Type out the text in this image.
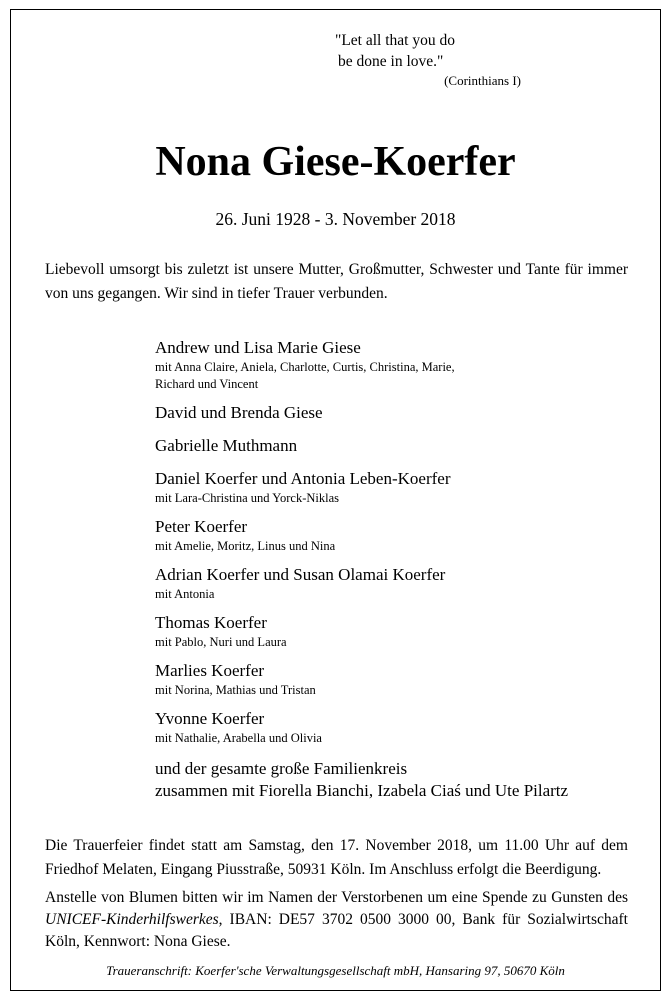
"Let all that you do
be done in love."
(Corinthians I)
Nona Giese-Koerfer
26. Juni 1928 - 3. November 2018
Liebevoll umsorgt bis zuletzt ist unsere Mutter, Großmutter, Schwester und Tante für immer von uns gegangen. Wir sind in tiefer Trauer verbunden.
Andrew und Lisa Marie Giese
mit Anna Claire, Aniela, Charlotte, Curtis, Christina, Marie,
Richard und Vincent
David und Brenda Giese
Gabrielle Muthmann
Daniel Koerfer und Antonia Leben-Koerfer
mit Lara-Christina und Yorck-Niklas
Peter Koerfer
mit Amelie, Moritz, Linus und Nina
Adrian Koerfer und Susan Olamai Koerfer
mit Antonia
Thomas Koerfer
mit Pablo, Nuri und Laura
Marlies Koerfer
mit Norina, Mathias und Tristan
Yvonne Koerfer
mit Nathalie, Arabella und Olivia
und der gesamte große Familienkreis
zusammen mit Fiorella Bianchi, Izabela Ciaś und Ute Pilartz
Die Trauerfeier findet statt am Samstag, den 17. November 2018, um 11.00 Uhr auf dem Friedhof Melaten, Eingang Piusstraße, 50931 Köln. Im Anschluss erfolgt die Beerdigung.
Anstelle von Blumen bitten wir im Namen der Verstorbenen um eine Spende zu Gunsten des UNICEF-Kinderhilfswerkes, IBAN: DE57 3702 0500 3000 00, Bank für Sozialwirtschaft Köln, Kennwort: Nona Giese.
Traueranschrift: Koerfer'sche Verwaltungsgesellschaft mbH, Hansaring 97, 50670 Köln
